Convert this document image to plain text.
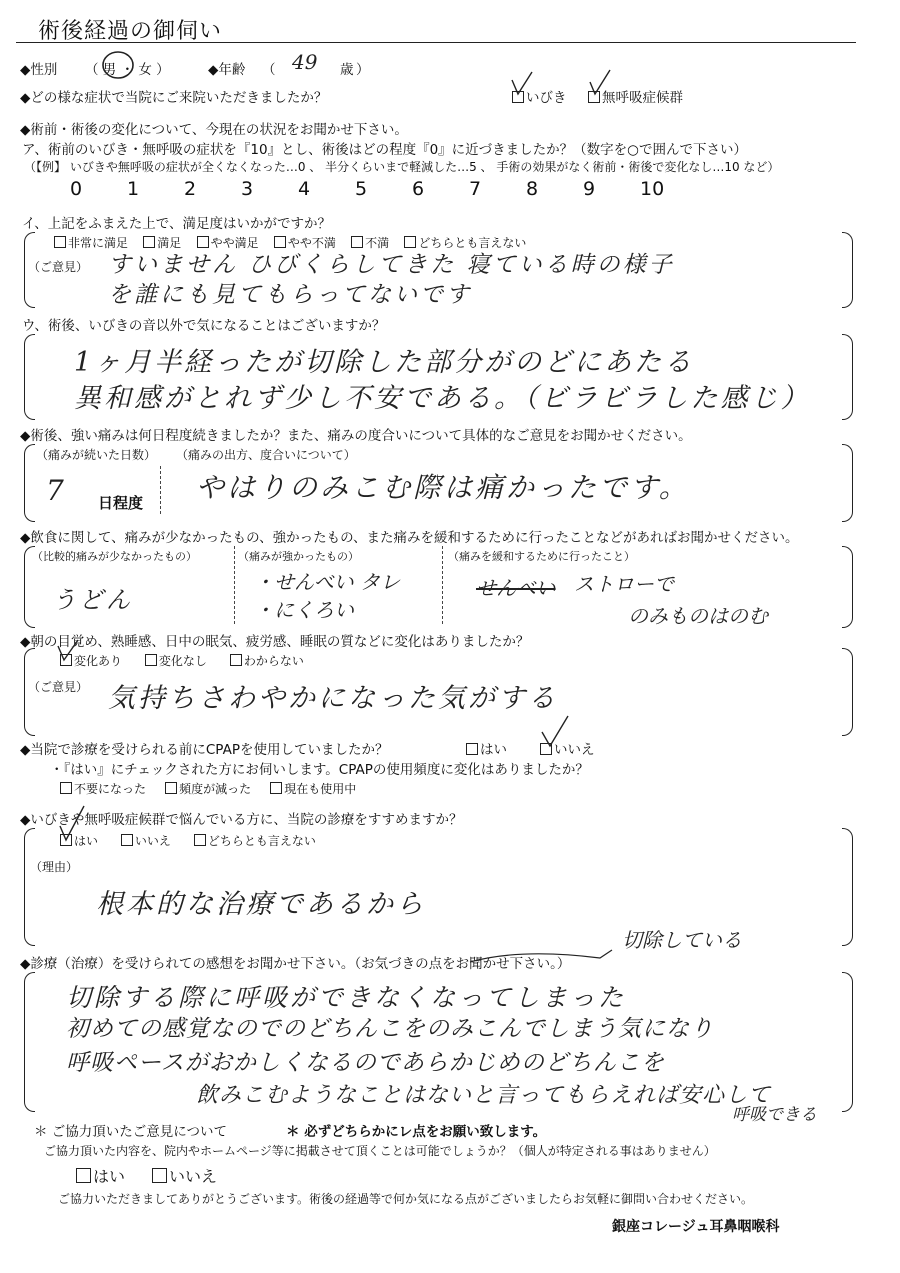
術後経過の御伺い
◆性別 （ 男 ・ 女 ）	◆年齢 （ 49 歳 ）
◆どの様な症状で当院にご来院いただきましたか？	いびき	無呼吸症候群
◆術前・術後の変化について、今現在の状況をお聞かせ下さい。
ア、術前のいびき・無呼吸の症状を『10』とし、術後はどの程度『0』に近づきましたか？（数字を○で囲んで下さい）
（【例】 いびきや無呼吸の症状が全くなくなった…0 、 半分くらいまで軽減した…5 、 手術の効果がなく術前・術後で変化なし…10 など）
0 1 2 3 4 5 6 7 8 9 10
イ、上記をふまえた上で、満足度はいかがですか？
非常に満足 満足 やや満足 やや不満 不満 どちらとも言えない
（ご意見） すいません ひびくらしてきた 寝ている時の様子
を誰にも見てもらってないです
ウ、術後、いびきの音以外で気になることはございますか？
1ヶ月半経ったが切除した部分がのどにあたる
異和感がとれず少し不安である。（ビラビラした感じ）
◆術後、強い痛みは何日程度続きましたか？また、痛みの度合いについて具体的なご意見をお聞かせください。
（痛みが続いた日数）
7 日程度
（痛みの出方、度合いについて）
やはりのみこむ際は痛かったです。
◆飲食に関して、痛みが少なかったもの、強かったもの、また痛みを緩和するために行ったことなどがあればお聞かせください。
（比較的痛みが少なかったもの）
うどん
（痛みが強かったもの）
・せんべい タレ
・にくろい
（痛みを緩和するために行ったこと）
せんべい ストローで
のみものはのむ
◆朝の目覚め、熟睡感、日中の眠気、疲労感、睡眠の質などに変化はありましたか？
変化あり	変化なし	わからない
（ご意見） 気持ちさわやかになった気がする
◆当院で診療を受けられる前にCPAPを使用していましたか？	はい	いいえ
・『はい』にチェックされた方にお伺いします。CPAPの使用頻度に変化はありましたか？
不要になった	頻度が減った	現在も使用中
◆いびきや無呼吸症候群で悩んでいる方に、当院の診療をすすめますか？
はい	いいえ	どちらとも言えない
（理由）
根本的な治療であるから
◆診療（治療）を受けられての感想をお聞かせ下さい。（お気づきの点をお聞かせ下さい。）
切除している
切除する際に呼吸ができなくなってしまった
初めての感覚なのでのどちんこをのみこんでしまう気になり
呼吸ペースがおかしくなるのであらかじめのどちんこを
飲みこむようなことはないと言ってもらえれば安心して
呼吸できる
＊ ご協力頂いたご意見について	＊ 必ずどちらかにレ点をお願い致します。
ご協力頂いた内容を、院内やホームページ等に掲載させて頂くことは可能でしょうか？（個人が特定される事はありません）
はい	いいえ
ご協力いただきましてありがとうございます。術後の経過等で何か気になる点がございましたらお気軽に御問い合わせください。
銀座コレージュ耳鼻咽喉科
